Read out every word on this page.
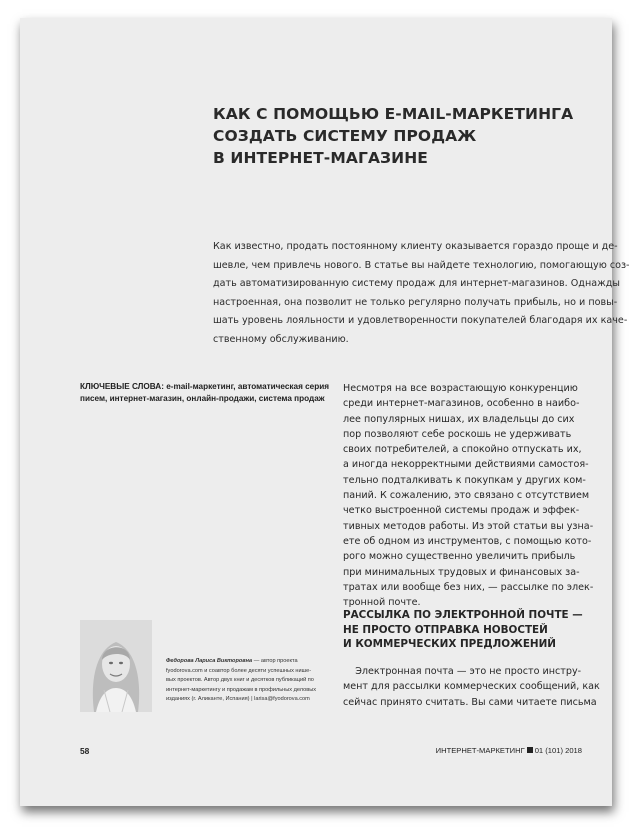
КАК С ПОМОЩЬЮ E-MAIL-МАРКЕТИНГА
СОЗДАТЬ СИСТЕМУ ПРОДАЖ
В ИНТЕРНЕТ-МАГАЗИНЕ

Как известно, продать постоянному клиенту оказывается гораздо проще и де-
шевле, чем привлечь нового. В статье вы найдете технологию, помогающую соз-
дать автоматизированную систему продаж для интернет-магазинов. Однажды
настроенная, она позволит не только регулярно получать прибыль, но и повы-
шать уровень лояльности и удовлетворенности покупателей благодаря их каче-
ственному обслуживанию.

КЛЮЧЕВЫЕ СЛОВА: e-mail-маркетинг, автоматическая серия
писем, интернет-магазин, онлайн-продажи, система продаж

Несмотря на все возрастающую конкуренцию
среди интернет-магазинов, особенно в наибо-
лее популярных нишах, их владельцы до сих
пор позволяют себе роскошь не удерживать
своих потребителей, а спокойно отпускать их,
а иногда некорректными действиями самостоя-
тельно подталкивать к покупкам у других ком-
паний. К сожалению, это связано с отсутствием
четко выстроенной системы продаж и эффек-
тивных методов работы. Из этой статьи вы узна-
ете об одном из инструментов, с помощью кото-
рого можно существенно увеличить прибыль
при минимальных трудовых и финансовых за-
тратах или вообще без них, — рассылке по элек-
тронной почте.

РАССЫЛКА ПО ЭЛЕКТРОННОЙ ПОЧТЕ —
НЕ ПРОСТО ОТПРАВКА НОВОСТЕЙ
И КОММЕРЧЕСКИХ ПРЕДЛОЖЕНИЙ

Электронная почта — это не просто инстру-
мент для рассылки коммерческих сообщений, как
сейчас принято считать. Вы сами читаете письма

Федорова Лариса Викторовна — автор проекта
fyodorova.com и соавтор более десяти успешных нише-
вых проектов. Автор двух книг и десятков публикаций по
интернет-маркетингу и продажам в профильных деловых
изданиях (г. Аликанте, Испания) | larisa@fyodorova.com

58	ИНТЕРНЕТ-МАРКЕТИНГ 01 (101) 2018
